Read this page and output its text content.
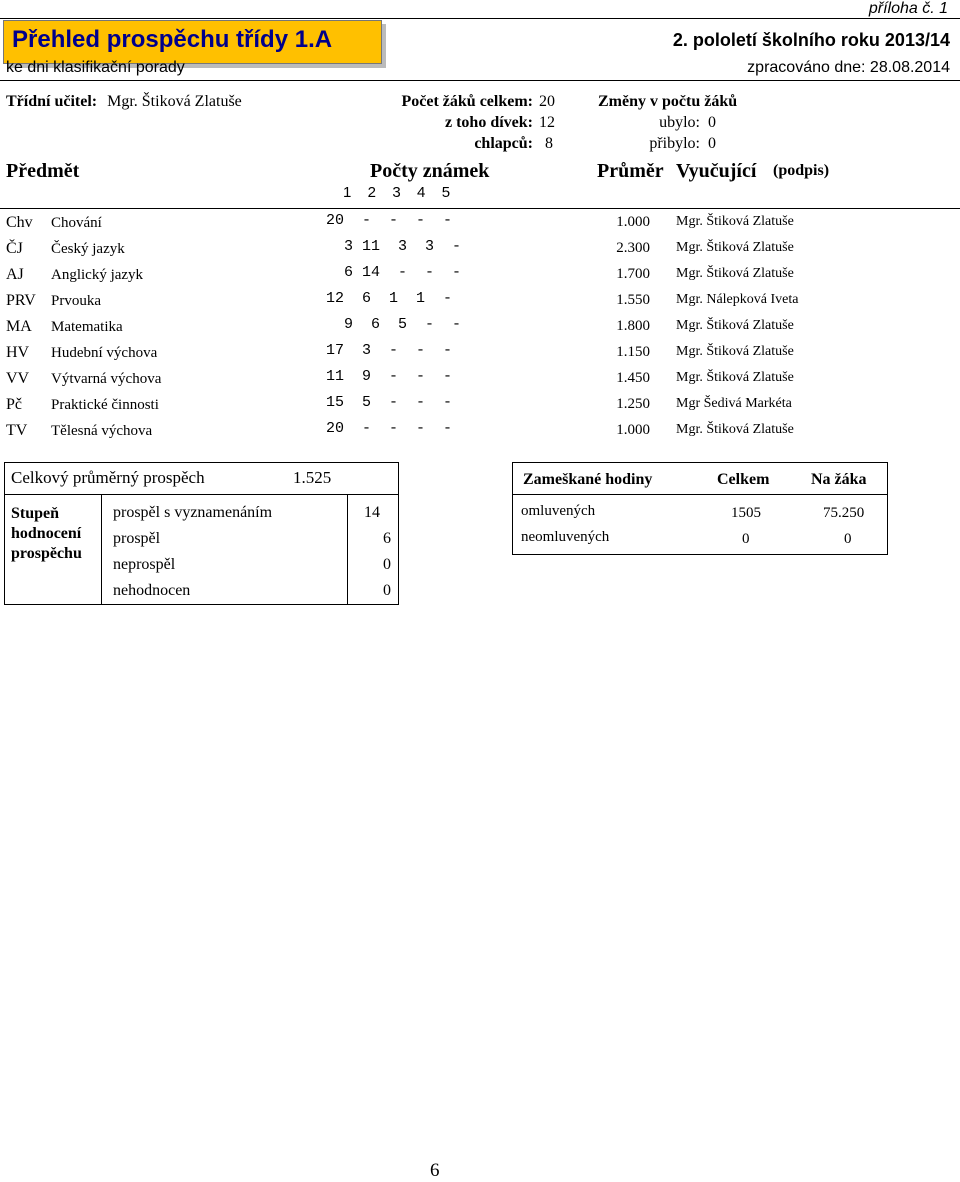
příloha č. 1
Přehled prospěchu třídy 1.A	2. pololetí školního roku 2013/14
ke dni klasifikační porady	zpracováno dne: 28.08.2014
Třídní učitel: Mgr. Štiková Zlatuše	Počet žáků celkem: 20
z toho dívek: 12
chlapců: 8
Změny v počtu žáků
ubylo: 0
přibylo: 0
Předmět	Počty známek
1  2  3  4  5
Průměr Vyučující (podpis)
Chv Chování	20  -  -  -  -	1.000 Mgr. Štiková Zlatuše
ČJ Český jazyk	3 11  3  3  -	2.300 Mgr. Štiková Zlatuše
AJ Anglický jazyk	6 14  -  -  -	1.700 Mgr. Štiková Zlatuše
PRV Prvouka	12  6  1  1  -	1.550 Mgr. Nálepková Iveta
MA Matematika	9  6  5  -  -	1.800 Mgr. Štiková Zlatuše
HV Hudební výchova	17  3  -  -  -	1.150 Mgr. Štiková Zlatuše
VV Výtvarná výchova	11  9  -  -  -	1.450 Mgr. Štiková Zlatuše
Pč Praktické činnosti	15  5  -  -  -	1.250 Mgr Šedivá Markéta
TV Tělesná výchova	20  -  -  -  -	1.000 Mgr. Štiková Zlatuše
Celkový průměrný prospěch	1.525
Stupeň hodnocení prospěchu
prospěl s vyznamenáním	14
prospěl	6
neprospěl	0
nehodnocen	0
Zameškané hodiny	Celkem	Na žáka
omluvených	1505	75.250
neomluvených	0	0
6
